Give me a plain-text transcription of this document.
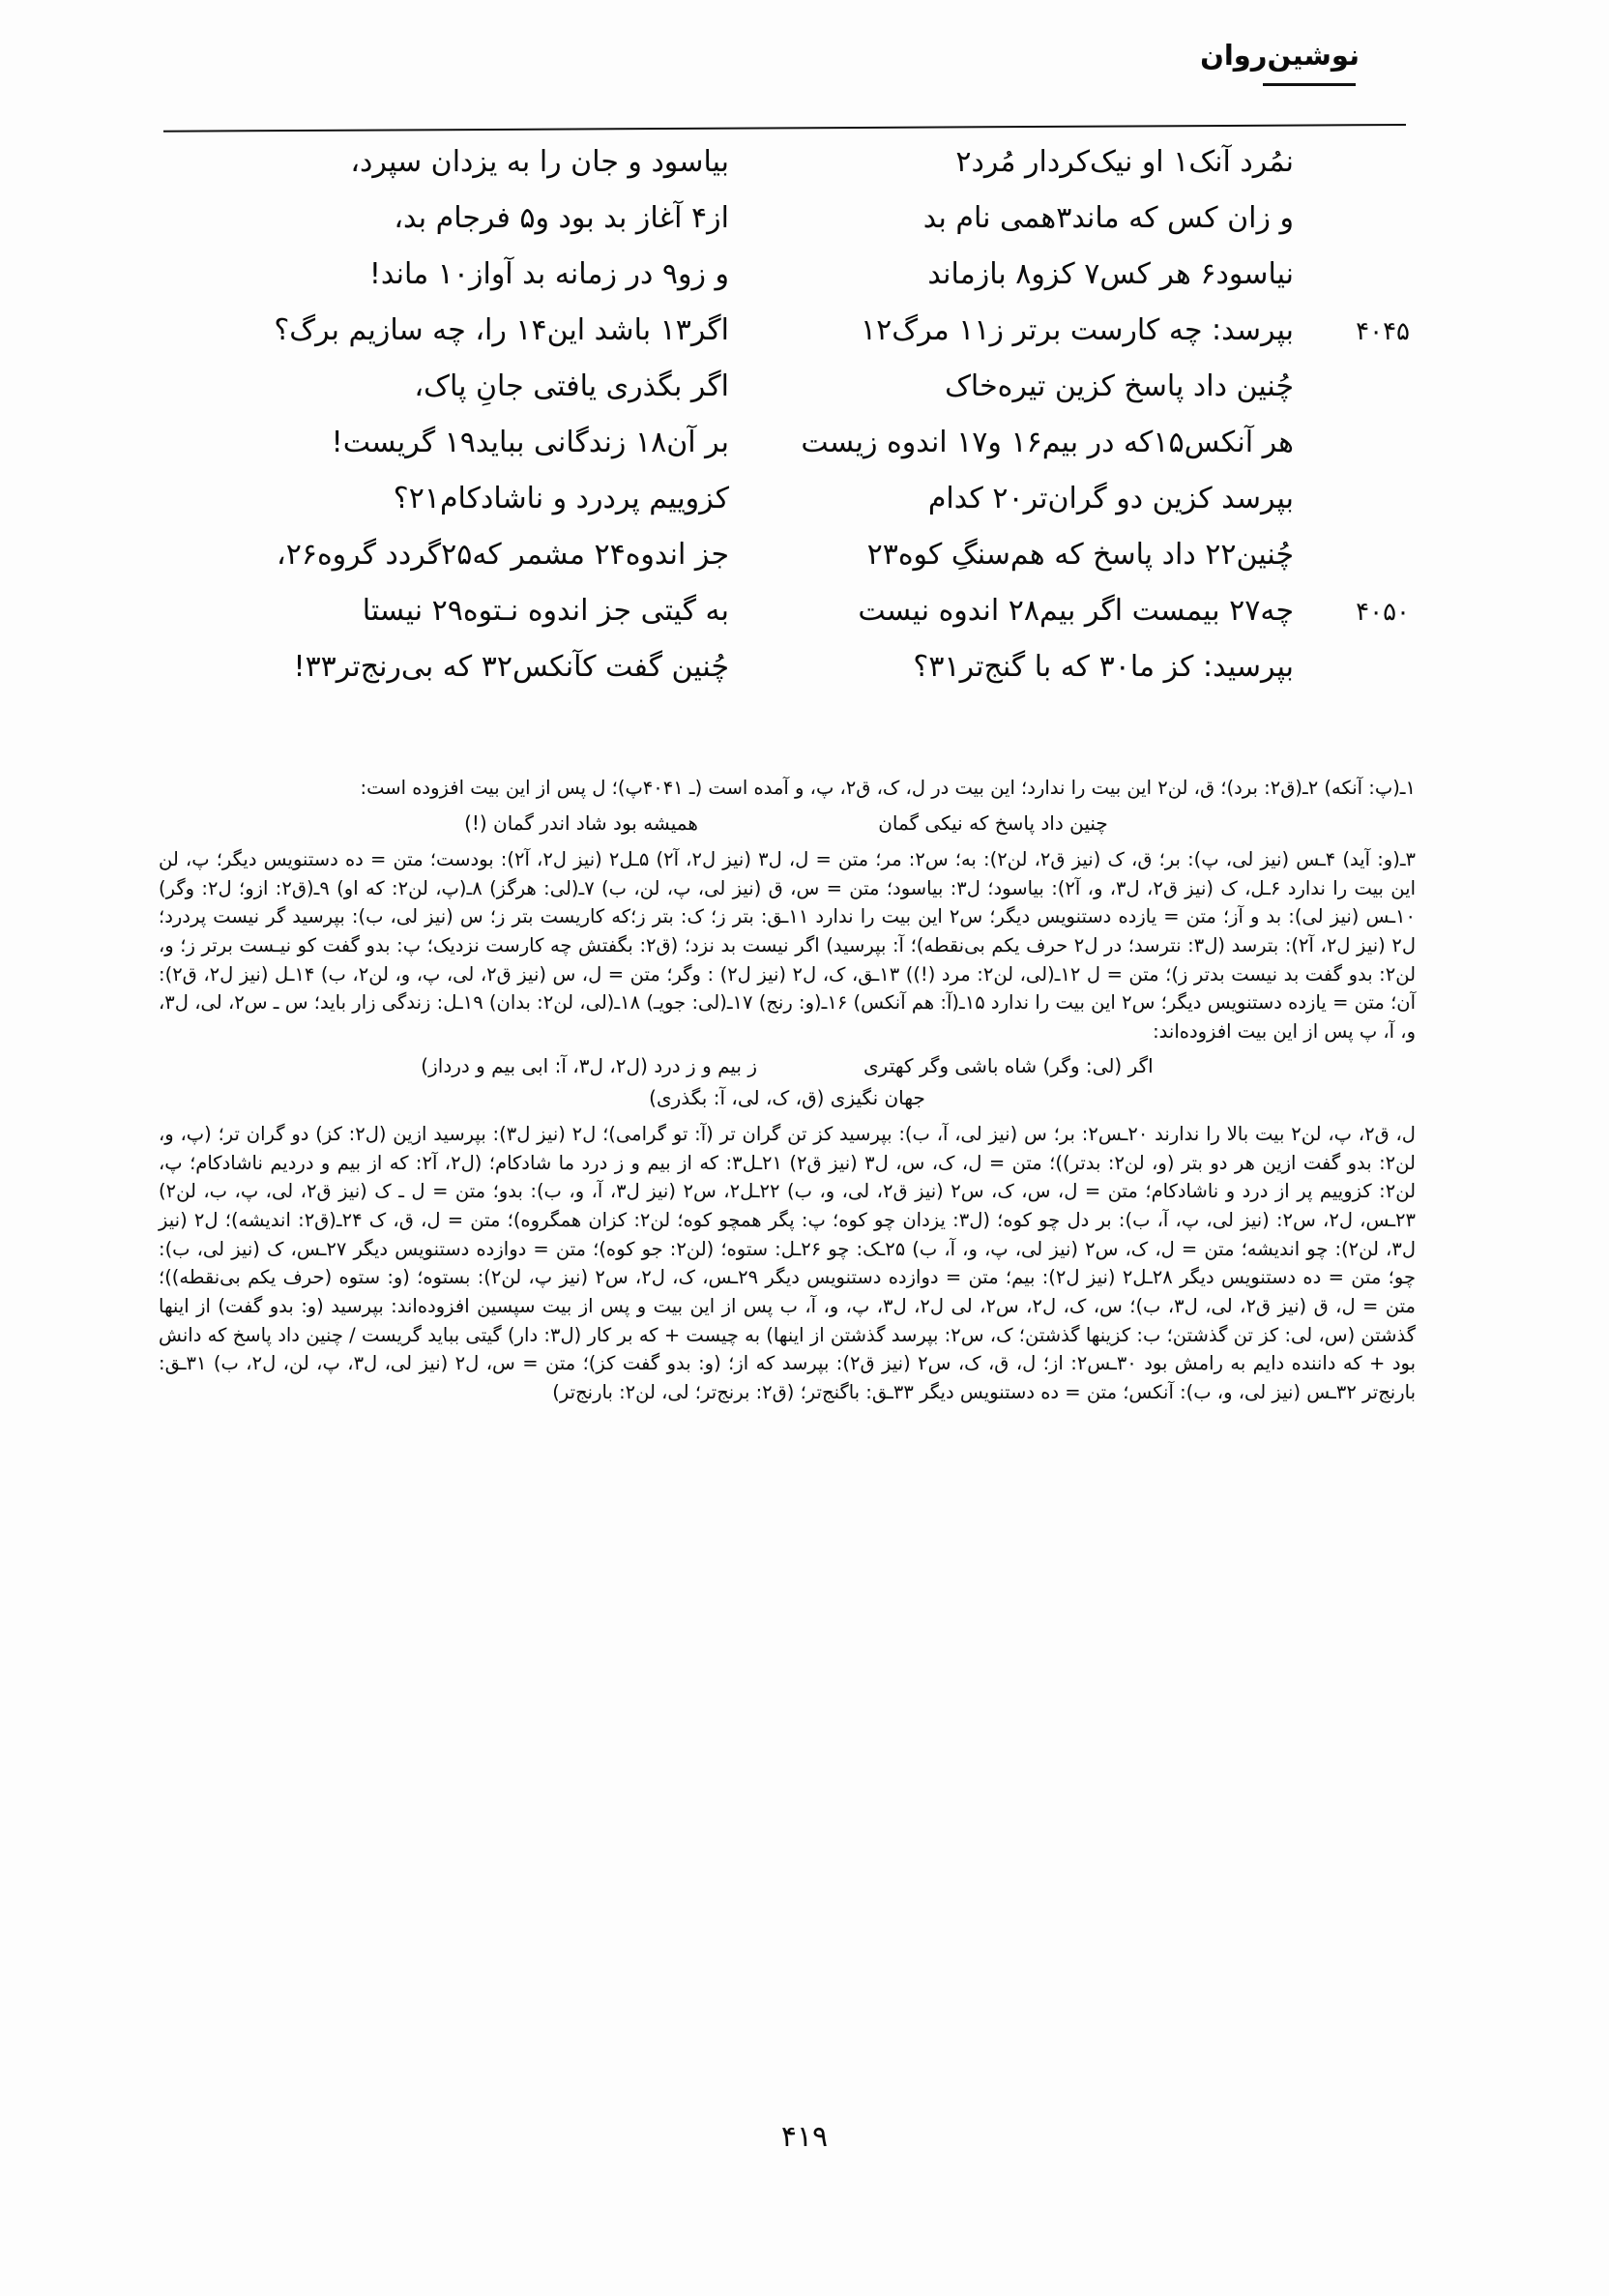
نوشین‌روان
نمُرد آنک۱ او نیک‌کردار مُرد۲
بیاسود و جان را به یزدان سپرد،
و زان کس که ماند۳همی نام بد
از۴ آغاز بد بود و۵ فرجام بد،
نیاسود۶ هر کس۷ کزو۸ بازماند
و زو۹ در زمانه بد آواز۱۰ ماند!
۴۰۴۵
بپرسد: چه کارست برتر ز۱۱ مرگ۱۲
اگر۱۳ باشد این۱۴ را، چه سازیم برگ؟
چُنین داد پاسخ کزین تیره‌خاک
اگر بگذری یافتی جانِ پاک،
هر آنکس۱۵که در بیم۱۶ و۱۷ اندوه زیست
بر آن۱۸ زندگانی بباید۱۹ گریست!
بپرسد کزین دو گران‌تر۲۰ کدام
کزوییم پردرد و ناشادکام۲۱؟
چُنین۲۲ داد پاسخ که هم‌سنگِ کوه۲۳
جز اندوه۲۴ مشمر که۲۵گردد گروه۲۶،
۴۰۵۰
چه۲۷ بیمست اگر بیم۲۸ اندوه نیست
به گیتی جز اندوه نـتوه۲۹ نیستا
بپرسید: کز ما۳۰ که با گنج‌تر۳۱؟
چُنین گفت کآنکس۳۲ که بی‌رنج‌تر۳۳!

۱ـ(پ: آنکه) ۲ـ(ق۲: برد)؛ ق، لن۲ این بیت را ندارد؛ این بیت در ل، ک، ق۲، پ، و آمده است (ـ ۴۰۴۱پ)؛ ل پس از این بیت افزوده است:

چنین داد پاسخ که نیکی گمان
همیشه بود شاد اندر گمان (!)

۳ـ(و: آید) ۴ـس (نیز لی، پ): بر؛ ق، ک (نیز ق۲، لن۲): به؛ س۲: مر؛ متن = ل، ل۳ (نیز ل۲، آ۲) ۵ـل۲ (نیز ل۲، آ۲): بودست؛ متن = ده دستنویس دیگر؛ پ، لن این بیت را ندارد ۶ـل، ک (نیز ق۲، ل۳، و، آ۲): بیاسود؛ ل۳: بیاسود؛ متن = س، ق (نیز لی، پ، لن، ب) ۷ـ(لی: هرگز) ۸ـ(پ، لن۲: که او) ۹ـ(ق۲: ازو؛ ل۲: وگر) ۱۰ـس (نیز لی): بد و آز؛ متن = یازده دستنویس دیگر؛ س۲ این بیت را ندارد ۱۱ـق: بتر ز؛ ک: بتر ز؛که کاریست بتر ز؛ س (نیز لی، ب): بپرسید گر نیست پردرد؛ ل۲ (نیز ل۲، آ۲): بترسد (ل۳: نترسد؛ در ل۲ حرف یکم بی‌نقطه)؛ آ: بپرسید) اگر نیست بد نزد؛ (ق۲: بگفتش چه کارست نزدیک؛ پ: بدو گفت کو نیـست برتر ز؛ و، لن۲: بدو گفت بد نیست بدتر ز)؛ متن = ل ۱۲ـ(لی، لن۲: مرد (!)) ۱۳ـق، ک، ل۲ (نیز ل۲) : وگر؛ متن = ل، س (نیز ق۲، لی، پ، و، لن۲، ب) ۱۴ـل (نیز ل۲، ق۲): آن؛ متن = یازده دستنویس دیگر؛ س۲ این بیت را ندارد ۱۵ـ(آ: هم آنکس) ۱۶ـ(و: رنج) ۱۷ـ(لی: جویـ) ۱۸ـ(لی، لن۲: بدان) ۱۹ـل: زندگی زار باید؛ س ـ س۲، لی، ل۳، و، آ، پ پس از این بیت افزوده‌اند:

اگر (لی: وگر) شاه باشی وگر کهتری
ز بیم و ز درد (ل۲، ل۳، آ: ابی بیم و درداز)
جهان نگیزی (ق، ک، لی، آ: بگذری)

ل، ق۲، پ، لن۲ بیت بالا را ندارند ۲۰ـس۲: بر؛ س (نیز لی، آ، ب): بپرسید کز تن گران تر (آ: تو گرامی)؛ ل۲ (نیز ل۳): بپرسید ازین (ل۲: کز) دو گران تر؛ (پ، و، لن۲: بدو گفت ازین هر دو بتر (و، لن۲: بدتر))؛ متن = ل، ک، س، ل۳ (نیز ق۲) ۲۱ـل۳: که از بیم و ز درد ما شادکام؛ (ل۲، آ۲: که از بیم و دردیم ناشادکام؛ پ، لن۲: کزوییم پر از درد و ناشادکام؛ متن = ل، س، ک، س۲ (نیز ق۲، لی، و، ب) ۲۲ـل۲، س۲ (نیز ل۳، آ، و، ب): بدو؛ متن = ل ـ ک (نیز ق۲، لی، پ، ب، لن۲) ۲۳ـس، ل۲، س۲: (نیز لی، پ، آ، ب): بر دل چو کوه؛ (ل۳: یزدان چو کوه؛ پ: پگر همچو کوه؛ لن۲: کزان همگروه)؛ متن = ل، ق، ک ۲۴ـ(ق۲: اندیشه)؛ ل۲ (نیز ل۳، لن۲): چو اندیشه؛ متن = ل، ک، س۲ (نیز لی، پ، و، آ، ب) ۲۵ـک: چو ۲۶ـل: ستوه؛ (لن۲: جو کوه)؛ متن = دوازده دستنویس دیگر ۲۷ـس، ک (نیز لی، ب): چو؛ متن = ده دستنویس دیگر ۲۸ـل۲ (نیز ل۲): بیم؛ متن = دوازده دستنویس دیگر ۲۹ـس، ک، ل۲، س۲ (نیز پ، لن۲): بستوه؛ (و: ستوه (حرف یکم بی‌نقطه))؛ متن = ل، ق (نیز ق۲، لی، ل۳، ب)؛ س، ک، ل۲، س۲، لی ل۲، ل۳، پ، و، آ، ب پس از این بیت و پس از بیت سپسین افزوده‌اند: بپرسید (و: بدو گفت) از اینها گذشتن (س، لی: کز تن گذشتن؛ ب: کزینها گذشتن؛ ک، س۲: بپرسد گذشتن از اینها) به چیست + که بر کار (ل۳: دار) گیتی بباید گریست / چنین داد پاسخ که دانش بود + که داننده دایم به رامش بود ۳۰ـس۲: از؛ ل، ق، ک، س۲ (نیز ق۲): بپرسد که از؛ (و: بدو گفت کز)؛ متن = س، ل۲ (نیز لی، ل۳، پ، لن، ل۲، ب) ۳۱ـق: بارنج‌تر ۳۲ـس (نیز لی، و، ب): آنکس؛ متن = ده دستنویس دیگر ۳۳ـق: باگنج‌تر؛ (ق۲: برنج‌تر؛ لی، لن۲: بارنج‌تر)

۴۱۹
